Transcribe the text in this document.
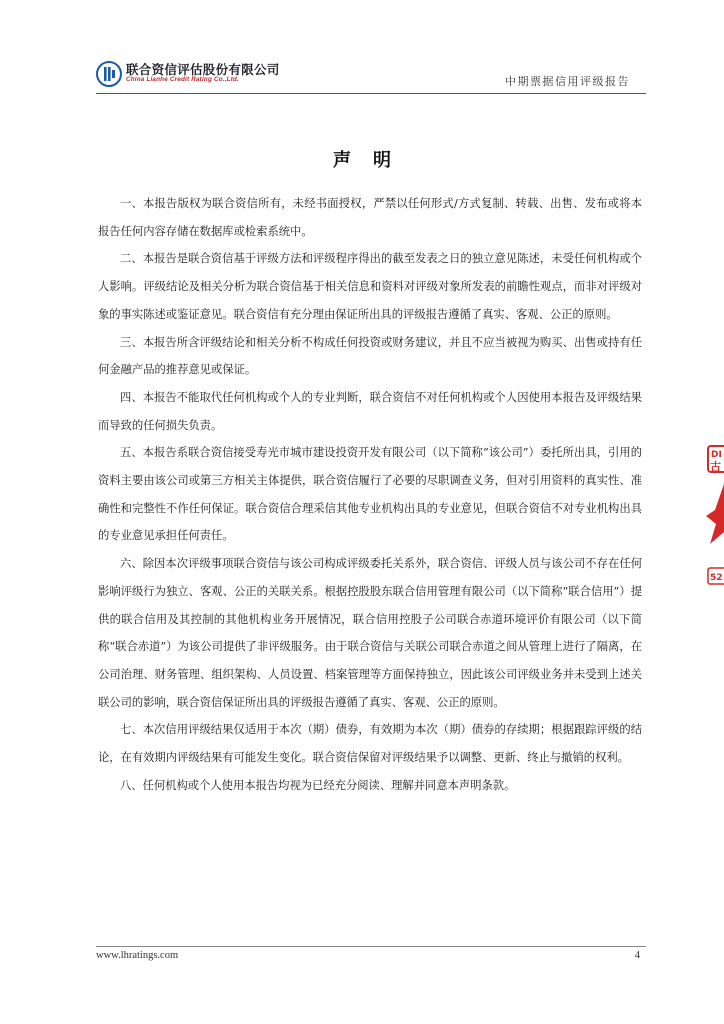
联合资信评估股份有限公司
China Lianhe Credit Rating Co.,Ltd.	中期票据信用评级报告
声明

一、本报告版权为联合资信所有，未经书面授权，严禁以任何形式/方式复制、转载、出售、发布或将本报告任何内容存储在数据库或检索系统中。

二、本报告是联合资信基于评级方法和评级程序得出的截至发表之日的独立意见陈述，未受任何机构或个人影响。评级结论及相关分析为联合资信基于相关信息和资料对评级对象所发表的前瞻性观点，而非对评级对象的事实陈述或鉴证意见。联合资信有充分理由保证所出具的评级报告遵循了真实、客观、公正的原则。

三、本报告所含评级结论和相关分析不构成任何投资或财务建议，并且不应当被视为购买、出售或持有任何金融产品的推荐意见或保证。

四、本报告不能取代任何机构或个人的专业判断，联合资信不对任何机构或个人因使用本报告及评级结果而导致的任何损失负责。

五、本报告系联合资信接受寿光市城市建设投资开发有限公司（以下简称“该公司”）委托所出具，引用的资料主要由该公司或第三方相关主体提供，联合资信履行了必要的尽职调查义务，但对引用资料的真实性、准确性和完整性不作任何保证。联合资信合理采信其他专业机构出具的专业意见，但联合资信不对专业机构出具的专业意见承担任何责任。

六、除因本次评级事项联合资信与该公司构成评级委托关系外，联合资信、评级人员与该公司不存在任何影响评级行为独立、客观、公正的关联关系。根据控股股东联合信用管理有限公司（以下简称“联合信用”）提供的联合信用及其控制的其他机构业务开展情况，联合信用控股子公司联合赤道环境评价有限公司（以下简称“联合赤道”）为该公司提供了非评级服务。由于联合资信与关联公司联合赤道之间从管理上进行了隔离，在公司治理、财务管理、组织架构、人员设置、档案管理等方面保持独立，因此该公司评级业务并未受到上述关联公司的影响，联合资信保证所出具的评级报告遵循了真实、客观、公正的原则。

七、本次信用评级结果仅适用于本次（期）债券，有效期为本次（期）债券的存续期；根据跟踪评级的结论，在有效期内评级结果有可能发生变化。联合资信保留对评级结果予以调整、更新、终止与撤销的权利。

八、任何机构或个人使用本报告均视为已经充分阅读、理解并同意本声明条款。

www.lhratings.com	4
DI
古
52
